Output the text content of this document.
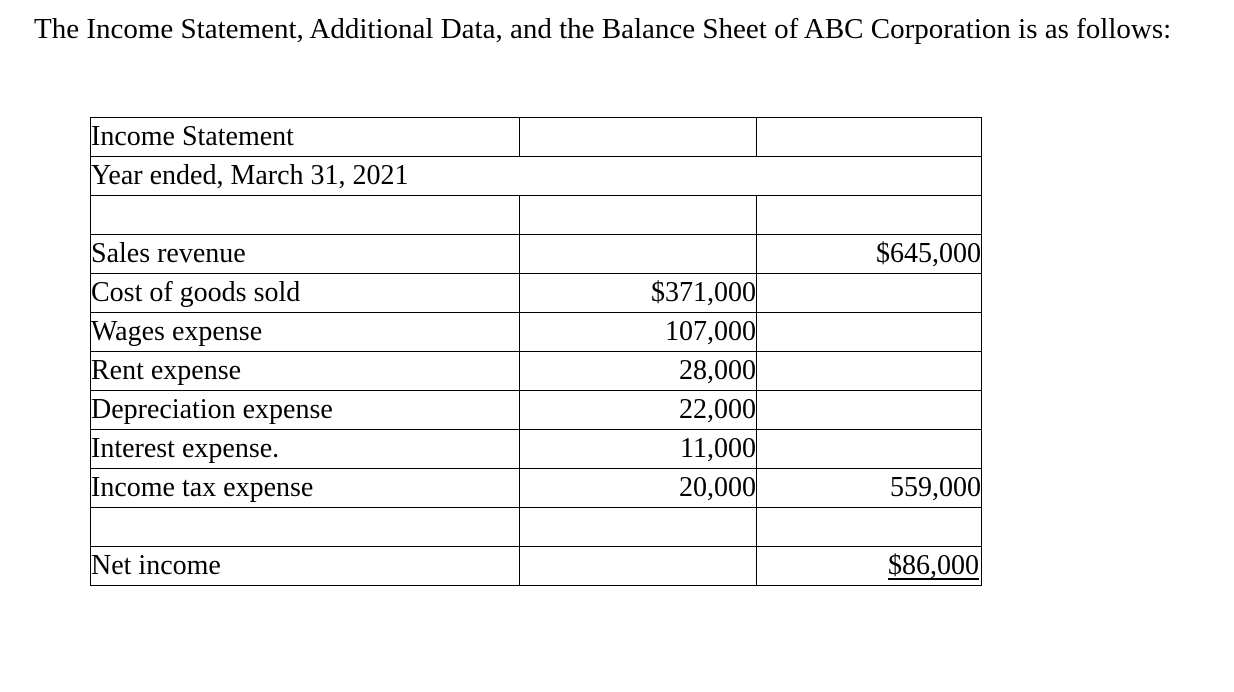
The Income Statement, Additional Data, and the Balance Sheet of ABC Corporation is as follows:

Income Statement		
Year ended, March 31, 2021		

Sales revenue		$645,000
Cost of goods sold	$371,000	
Wages expense	107,000	
Rent expense	28,000	
Depreciation expense	22,000	
Interest expense.	11,000	
Income tax expense	20,000	559,000

Net income		$86,000
